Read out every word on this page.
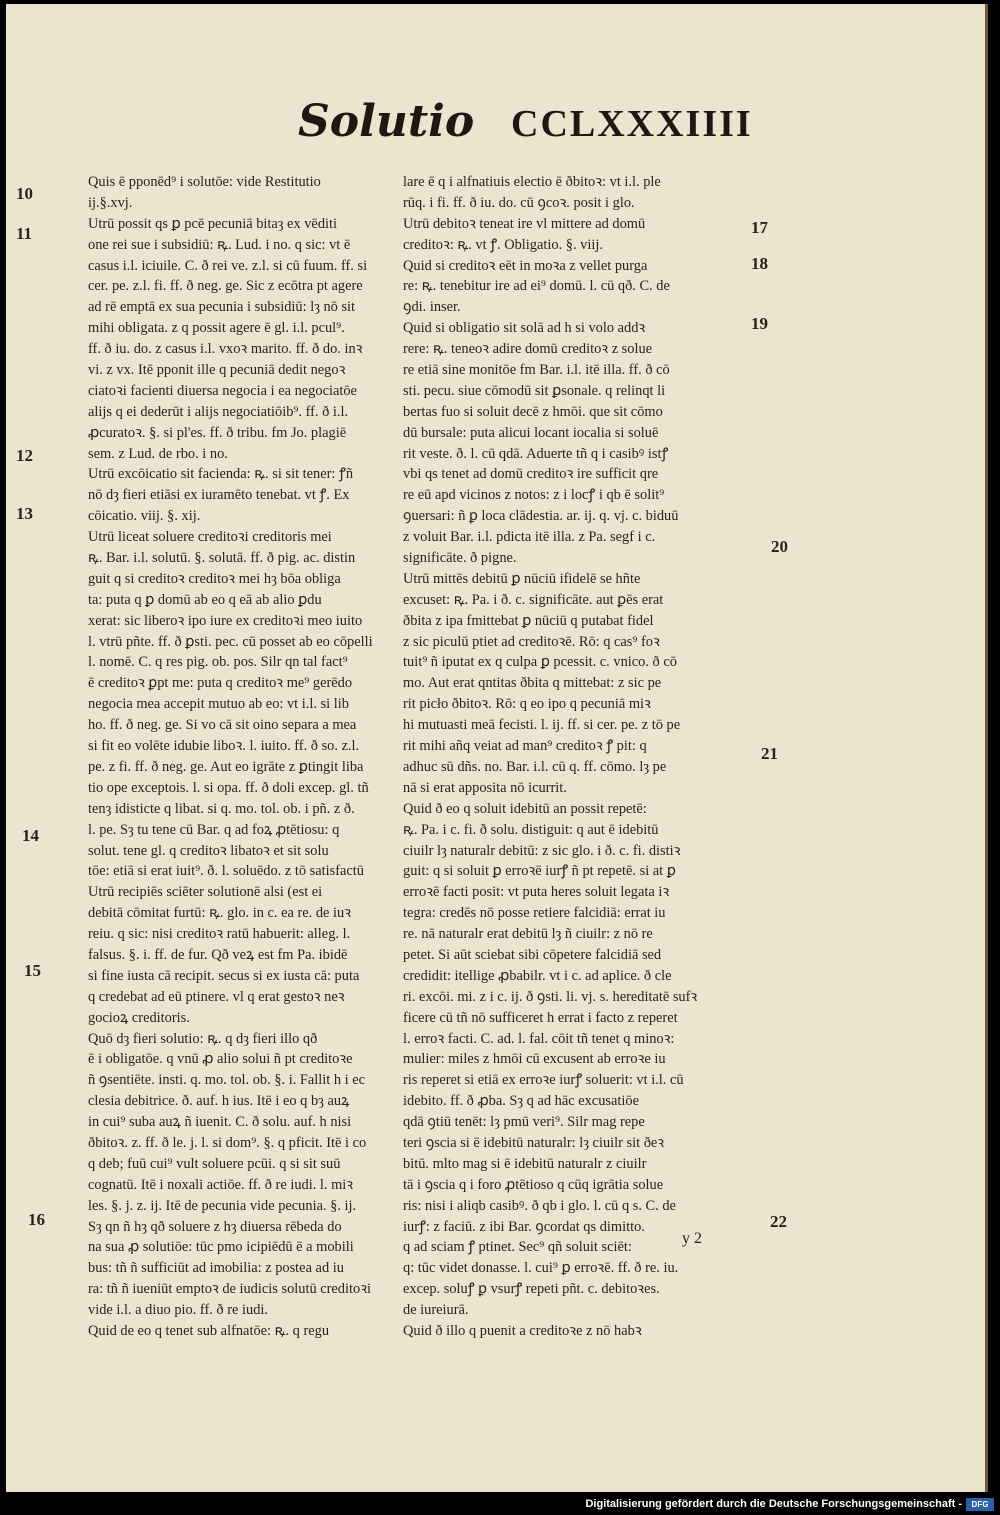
Solutio CCLXXXIIII
Quis ē pponēd⁹ i solutōe: vide Restitutio
ij.§.xvj.
Utrū possit qs ꝑ pcē pecuniā bitaȝ ex vēditi
one rei sue i subsidiū: ꝶ. Lud. i no. q sic: vt ē
casus i.l. iciuile. C. ð rei ve. z.l. si cū fuum. ff. si
cer. pe. z.l. fi. ff. ð neg. ge. Sic z ecōtra pt agere
ad rē emptā ex sua pecunia i subsidiū: lȝ nō sit
mihi obligata. z q possit agere ē gl. i.l. pcul⁹.
ff. ð iu. do. z casus i.l. vxoꝛ marito. ff. ð do. inꝛ
vi. z vx. Itē pponit ille q pecuniā dedit negoꝛ
ciatoꝛi facienti diuersa negocia i ea negociatōe
alijs q ei dederūt i alijs negociatiōib⁹. ff. ð i.l.
ꝓcuratoꝛ. §. si pl'es. ff. ð tribu. fm Jo. plagiē
sem. z Lud. de rbo. i no.
Utrū excōicatio sit facienda: ꝶ. si sit tener: ꝭñ
nō dȝ fieri etiāsi ex iuramēto tenebat. vt ꝭ. Ex
cōicatio. viij. §. xij.
Utrū liceat soluere creditoꝛi creditoris mei
ꝶ. Bar. i.l. solutū. §. solutā. ff. ð pig. ac. distin
guit q si creditoꝛ creditoꝛ mei hȝ bōa obliga
ta: puta q ꝑ domū ab eo q eā ab alio ꝑdu
xerat: sic liberoꝛ ipo iure ex creditoꝛi meo iuito
l. vtrū pñte. ff. ð ꝑsti. pec. cū posset ab eo cōpelli
l. nomē. C. q res pig. ob. pos. Silr qn tal fact⁹
ē creditoꝛ ꝑpt me: puta q creditoꝛ me⁹ gerēdo
negocia mea accepit mutuo ab eo: vt i.l. si lib
ho. ff. ð neg. ge. Si vo cā sit oino separa a mea
si fit eo volēte idubie liboꝛ. l. iuito. ff. ð so. z.l.
pe. z fi. ff. ð neg. ge. Aut eo igrāte z ꝑtingit liba
tio ope exceptois. l. si opa. ff. ð doli excep. gl. tñ
tenȝ idisticte q libat. si q. mo. tol. ob. i pñ. z ð.
l. pe. Sȝ tu tene cū Bar. q ad foꝝ ꝓtētiosu: q
solut. tene gl. q creditoꝛ libatoꝛ et sit solu
tōe: etiā si erat iuit⁹. ð. l. soluēdo. z tō satisfactū
Utrū recipiēs sciēter solutionē alsi (est ei
debitā cōmitat furtū: ꝶ. glo. in c. ea re. de iuꝛ
reiu. q sic: nisi creditoꝛ ratū habuerit: alleg. l.
falsus. §. i. ff. de fur. Qð veꝝ est fm Pa. ibidē
si fine iusta cā recipit. secus si ex iusta cā: puta
q credebat ad eū ptinere. vl q erat gestoꝛ neꝛ
gocioꝝ creditoris.
Quō dȝ fieri solutio: ꝶ. q dȝ fieri illo qð
ē i obligatōe. q vnū ꝓ alio solui ñ pt creditoꝛe
ñ ꝯsentiēte. insti. q. mo. tol. ob. §. i. Fallit h i ec
clesia debitrice. ð. auf. h ius. Itē i eo q bȝ auꝝ
in cui⁹ suba auꝝ ñ iuenit. C. ð solu. auf. h nisi
ðbitoꝛ. z. ff. ð le. j. l. si dom⁹. §. q pficit. Itē i co
q deb; fuū cui⁹ vult soluere pcūi. q si sit suū
cognatū. Itē i noxali actiōe. ff. ð re iudi. l. miꝛ
les. §. j. z. ij. Itē de pecunia vide pecunia. §. ij.
Sȝ qn ñ hȝ qð soluere z hȝ diuersa rēbeda do
na sua ꝓ solutiōe: tūc pmo icipiēdū ē a mobili
bus: tñ ñ sufficiūt ad imobilia: z postea ad iu
ra: tñ ñ iueniūt emptoꝛ de iudicis solutū creditoꝛi
vide i.l. a diuo pio. ff. ð re iudi.
Quid de eo q tenet sub alfnatōe: ꝶ. q regu
lare ē q i alfnatiuis electio ē ðbitoꝛ: vt i.l. ple
rūq. i fi. ff. ð iu. do. cū ꝯcoꝛ. posit i glo.
Utrū debitoꝛ teneat ire vl mittere ad domū
creditoꝛ: ꝶ. vt ꝭ. Obligatio. §. viij.
Quid si creditoꝛ eēt in moꝛa z vellet purga
re: ꝶ. tenebitur ire ad ei⁹ domū. l. cū qð. C. de
ꝯdi. inser.
Quid si obligatio sit solā ad h si volo addꝛ
rere: ꝶ. teneoꝛ adire domū creditoꝛ z solue
re etiā sine monitōe fm Bar. i.l. itē illa. ff. ð cō
sti. pecu. siue cōmodū sit ꝑsonale. q relinqt li
bertas fuo si soluit decē z hmōi. que sit cōmo
dū bursale: puta alicui locant iocalia si soluē
rit veste. ð. l. cū qdā. Aduerte tñ q i casibꝰ istꝭ
vbi qs tenet ad domū creditoꝛ ire sufficit qre
re eū apd vicinos z notos: z i locꝭ i qb ē solit⁹
ꝯuersari: ñ ꝑ loca clādestia. ar. ij. q. vj. c. biduū
z voluit Bar. i.l. pdicta itē illa. z Pa. segf i c.
significāte. ð pigne.
Utrū mittēs debitū ꝑ nūciū ifidelē se hñte
excuset: ꝶ. Pa. i ð. c. significāte. aut ꝑēs erat
ðbita z ipa fmittebat ꝑ nūciū q putabat fidel
z sic piculū ptiet ad creditoꝛē. Rō: q cas⁹ foꝛ
tuit⁹ ñ iputat ex q culpa ꝑ pcessit. c. vnico. ð cō
mo. Aut erat qntitas ðbita q mittebat: z sic pe
rit picło ðbitoꝛ. Rō: q eo ipo q pecuniā miꝛ
hi mutuasti meā fecisti. l. ij. ff. si cer. pe. z tō pe
rit mihi añq veiat ad man⁹ creditoꝛ ꝭ pit: q
adhuc sū dñs. no. Bar. i.l. cū q. ff. cōmo. lȝ pe
nā si erat apposita nō icurrit.
Quid ð eo q soluit idebitū an possit repetē:
ꝶ. Pa. i c. fi. ð solu. distiguit: q aut ē idebitū
ciuilr lȝ naturalr debitū: z sic glo. i ð. c. fi. distiꝛ
guit: q si soluit ꝑ erroꝛē iurꝭ ñ pt repetē. si at ꝑ
erroꝛē facti posit: vt puta heres soluit legata iꝛ
tegra: credēs nō posse retiere falcidiā: errat iu
re. nā naturalr erat debitū lȝ ñ ciuilr: z nō re
petet. Si aūt sciebat sibi cōpetere falcidiā sed
credidit: itellige ꝓbabilr. vt i c. ad aplice. ð cle
ri. excōi. mi. z i c. ij. ð ꝯsti. li. vj. s. hereditatē sufꝛ
ficere cū tñ nō sufficeret h errat i facto z reperet
l. erroꝛ facti. C. ad. l. fal. cōit tñ tenet q minoꝛ:
mulier: miles z hmōi cū excusent ab erroꝛe iu
ris reperet si etiā ex erroꝛe iurꝭ soluerit: vt i.l. cū
idebito. ff. ð ꝓba. Sȝ q ad hāc excusatiōe
qdā ꝯtiū tenēt: lȝ pmū veri⁹. Silr mag repe
teri ꝯscia si ē idebitū naturalr: lȝ ciuilr sit ðeꝛ
bitū. mlto mag si ē idebitū naturalr z ciuilr
tā i ꝯscia q i foro ꝓtētioso q cūq igrātia solue
ris: nisi i aliqb casibꝰ. ð qb i glo. l. cū q s. C. de
iurꝭ: z faciū. z ibi Bar. ꝯcordat qs dimitto.
q ad sciam ꝭ ptinet. Sec⁹ qñ soluit sciēt:
q: tūc videt donasse. l. cui⁹ ꝑ erroꝛē. ff. ð re. iu.
excep. soluꝭ ꝑ vsurꝭ repeti pñt. c. debitoꝛes.
de iureiurā.
Quid ð illo q puenit a creditoꝛe z nō habꝛ
10
11
12
13
14
15
16
17
18
19
20
21
22
y 2
Digitalisierung gefördert durch die Deutsche Forschungsgemeinschaft -	DFG
